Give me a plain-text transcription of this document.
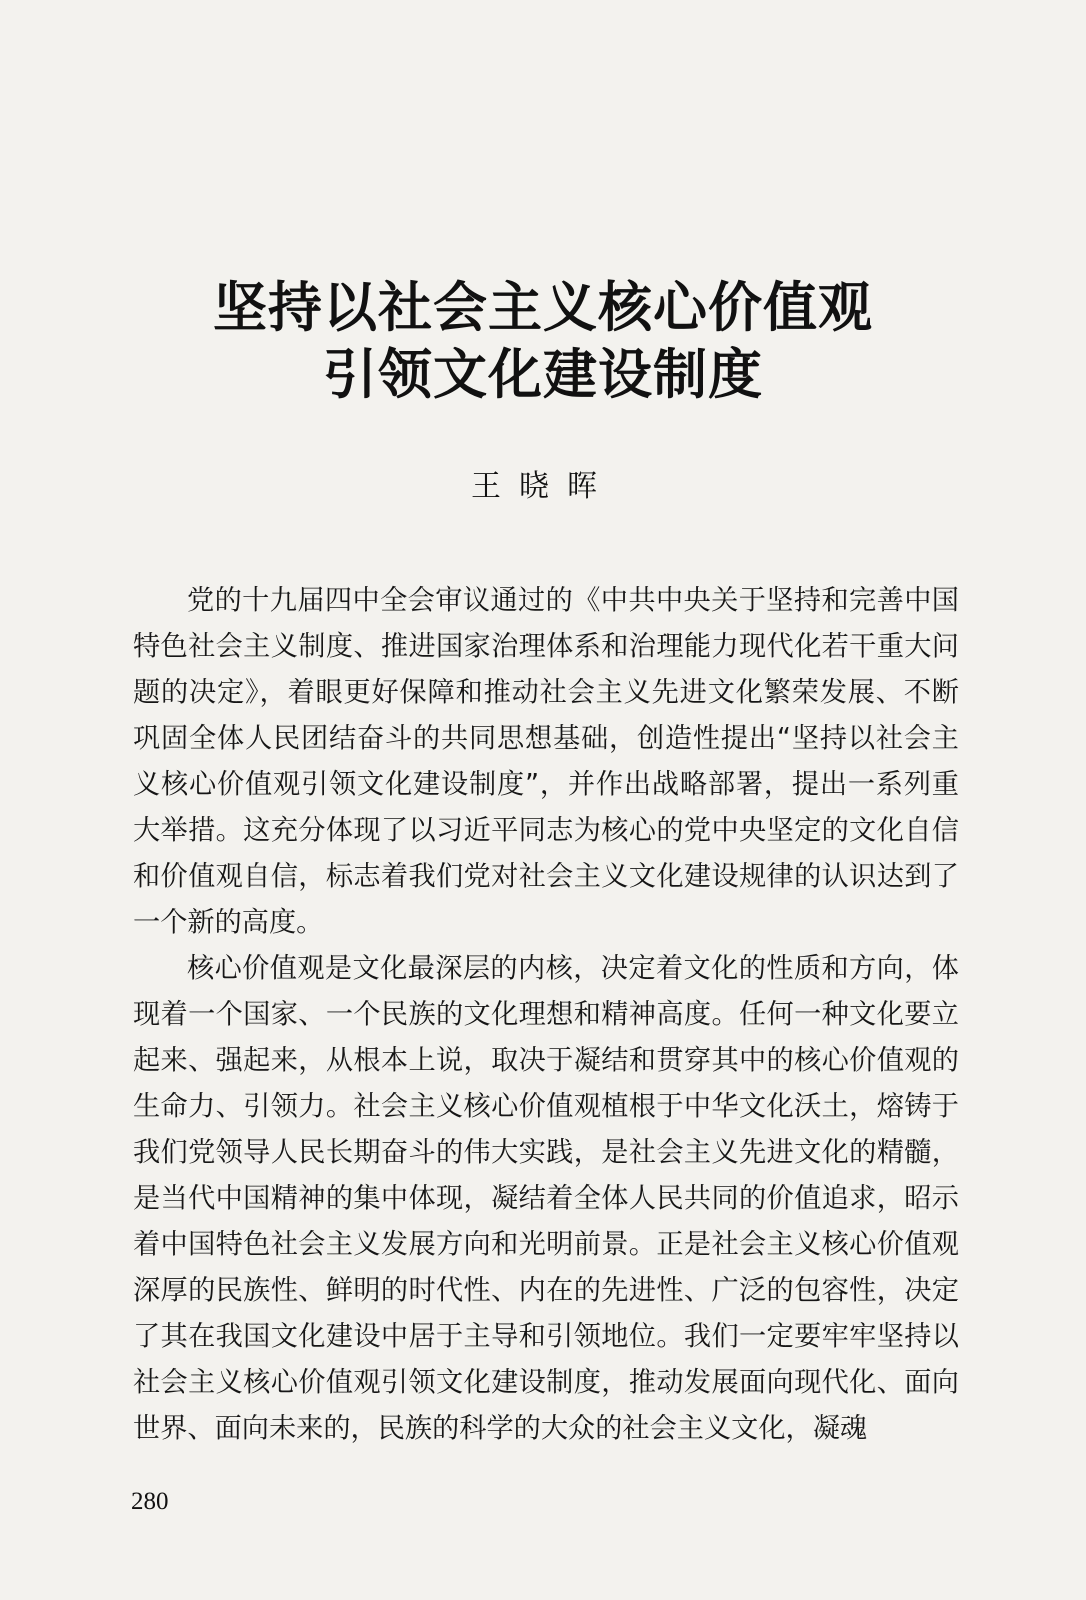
坚持以社会主义核心价值观
引领文化建设制度
王晓晖

党的十九届四中全会审议通过的《中共中央关于坚持和完善中国特色社会主义制度、推进国家治理体系和治理能力现代化若干重大问题的决定》，着眼更好保障和推动社会主义先进文化繁荣发展、不断巩固全体人民团结奋斗的共同思想基础，创造性提出“坚持以社会主义核心价值观引领文化建设制度”，并作出战略部署，提出一系列重大举措。这充分体现了以习近平同志为核心的党中央坚定的文化自信和价值观自信，标志着我们党对社会主义文化建设规律的认识达到了一个新的高度。

核心价值观是文化最深层的内核，决定着文化的性质和方向，体现着一个国家、一个民族的文化理想和精神高度。任何一种文化要立起来、强起来，从根本上说，取决于凝结和贯穿其中的核心价值观的生命力、引领力。社会主义核心价值观植根于中华文化沃土，熔铸于我们党领导人民长期奋斗的伟大实践，是社会主义先进文化的精髓，是当代中国精神的集中体现，凝结着全体人民共同的价值追求，昭示着中国特色社会主义发展方向和光明前景。正是社会主义核心价值观深厚的民族性、鲜明的时代性、内在的先进性、广泛的包容性，决定了其在我国文化建设中居于主导和引领地位。我们一定要牢牢坚持以社会主义核心价值观引领文化建设制度，推动发展面向现代化、面向世界、面向未来的，民族的科学的大众的社会主义文化，凝魂

280
